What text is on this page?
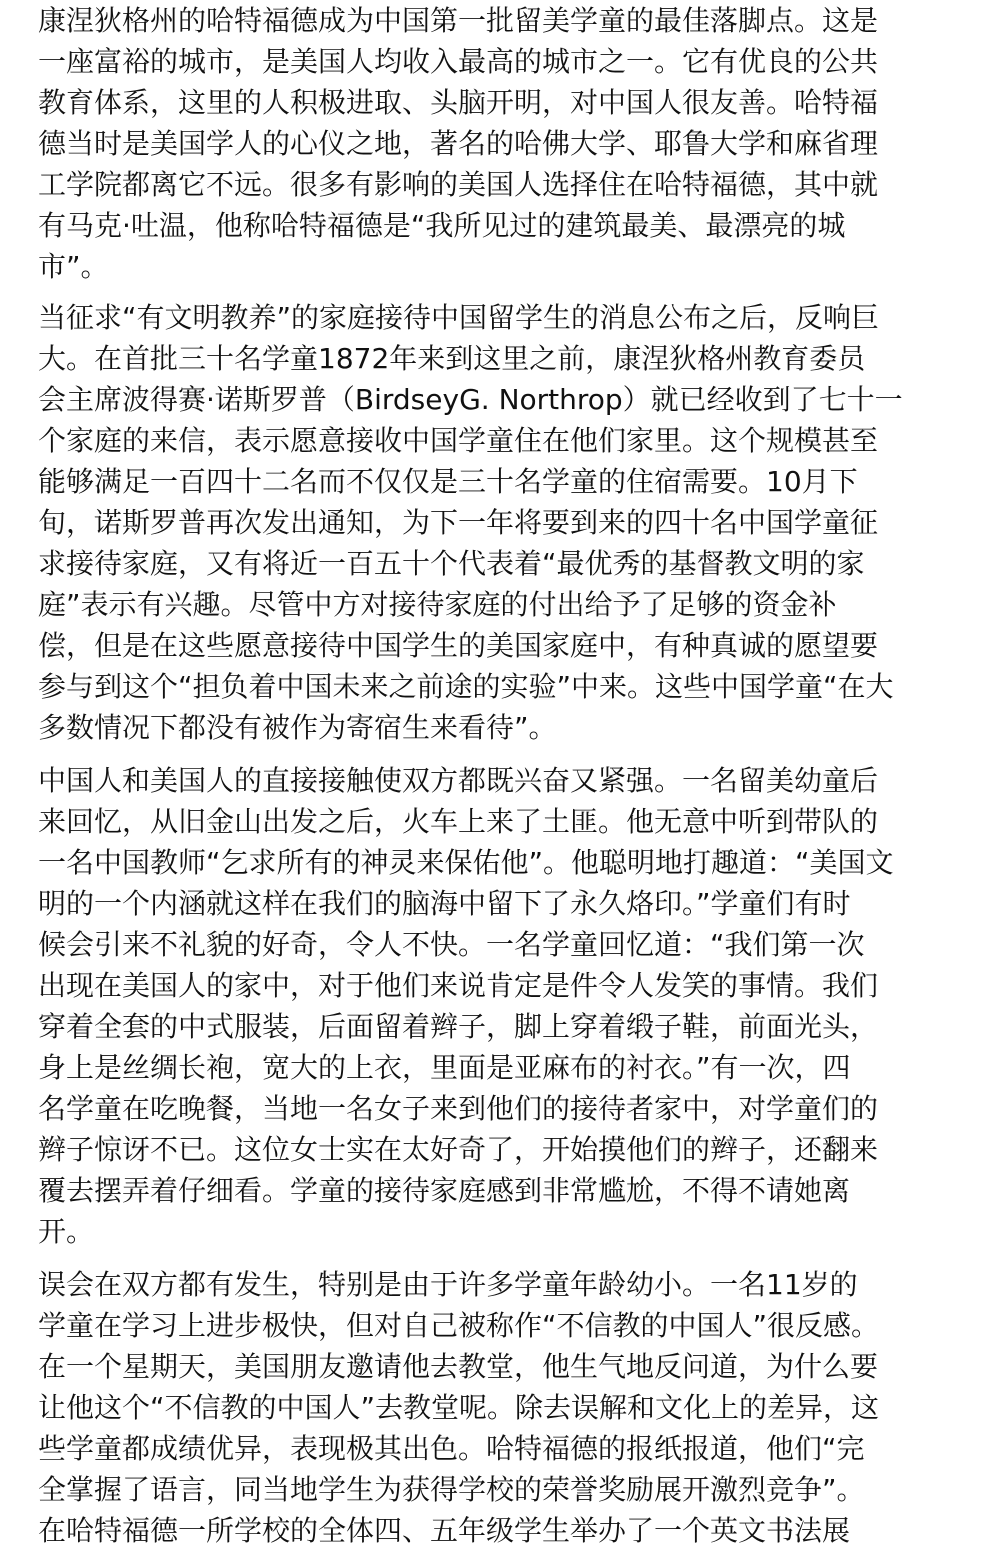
康涅狄格州的哈特福德成为中国第一批留美学童的最佳落脚点。这是
一座富裕的城市，是美国人均收入最高的城市之一。它有优良的公共
教育体系，这里的人积极进取、头脑开明，对中国人很友善。哈特福
德当时是美国学人的心仪之地，著名的哈佛大学、耶鲁大学和麻省理
工学院都离它不远。很多有影响的美国人选择住在哈特福德，其中就
有马克·吐温，他称哈特福德是“我所见过的建筑最美、最漂亮的城
市”。
当征求“有文明教养”的家庭接待中国留学生的消息公布之后，反响巨
大。在首批三十名学童1872年来到这里之前，康涅狄格州教育委员
会主席波得赛·诺斯罗普（BirdseyG. Northrop）就已经收到了七十一
个家庭的来信，表示愿意接收中国学童住在他们家里。这个规模甚至
能够满足一百四十二名而不仅仅是三十名学童的住宿需要。10月下
旬，诺斯罗普再次发出通知，为下一年将要到来的四十名中国学童征
求接待家庭，又有将近一百五十个代表着“最优秀的基督教文明的家
庭”表示有兴趣。尽管中方对接待家庭的付出给予了足够的资金补
偿，但是在这些愿意接待中国学生的美国家庭中，有种真诚的愿望要
参与到这个“担负着中国未来之前途的实验”中来。这些中国学童“在大
多数情况下都没有被作为寄宿生来看待”。
中国人和美国人的直接接触使双方都既兴奋又紧强。一名留美幼童后
来回忆，从旧金山出发之后，火车上来了土匪。他无意中听到带队的
一名中国教师“乞求所有的神灵来保佑他”。他聪明地打趣道：“美国文
明的一个内涵就这样在我们的脑海中留下了永久烙印。”学童们有时
候会引来不礼貌的好奇，令人不快。一名学童回忆道：“我们第一次
出现在美国人的家中，对于他们来说肯定是件令人发笑的事情。我们
穿着全套的中式服装，后面留着辫子，脚上穿着缎子鞋，前面光头，
身上是丝绸长袍，宽大的上衣，里面是亚麻布的衬衣。”有一次，四
名学童在吃晚餐，当地一名女子来到他们的接待者家中，对学童们的
辫子惊讶不已。这位女士实在太好奇了，开始摸他们的辫子，还翻来
覆去摆弄着仔细看。学童的接待家庭感到非常尴尬，不得不请她离
开。
误会在双方都有发生，特别是由于许多学童年龄幼小。一名11岁的
学童在学习上进步极快，但对自己被称作“不信教的中国人”很反感。
在一个星期天，美国朋友邀请他去教堂，他生气地反问道，为什么要
让他这个“不信教的中国人”去教堂呢。除去误解和文化上的差异，这
些学童都成绩优异，表现极其出色。哈特福德的报纸报道，他们“完
全掌握了语言，同当地学生为获得学校的荣誉奖励展开激烈竞争”。
在哈特福德一所学校的全体四、五年级学生举办了一个英文书法展
